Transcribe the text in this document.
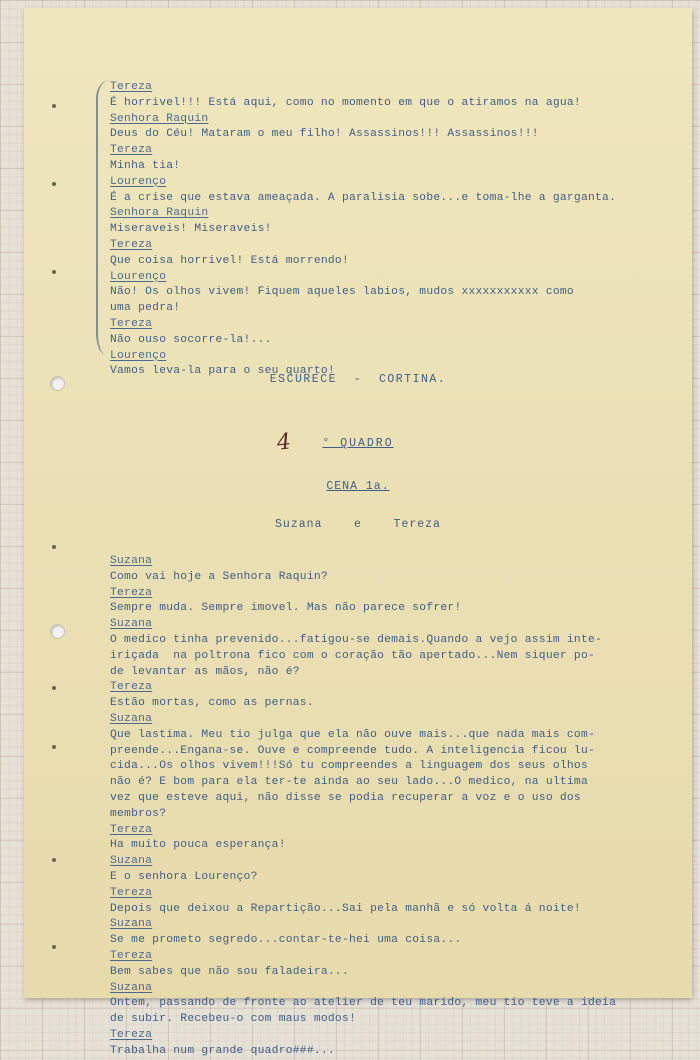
Tereza
É horrivel!!! Está aqui, como no momento em que o atiramos na agua!
Senhora Raquin
Deus do Céu! Mataram o meu filho! Assassinos!!! Assassinos!!!
Tereza
Minha tia!
Lourenço
É a crise que estava ameaçada. A paralisia sobe...e toma-lhe a garganta.
Senhora Raquin
Miseraveis! Miseraveis!
Tereza
Que coisa horrivel! Está morrendo!
Lourenço
Não! Os olhos vivem! Fiquem aqueles labios, mudos xxxxxxxxxxx como
uma pedra!
Tereza
Não ouso socorre-la!...
Lourenço
Vamos leva-la para o seu quarto!
ESCURECE  -  CORTINA.
4	° QUADRO
CENA 1a.
Suzana    e    Tereza
Suzana
Como vai hoje a Senhora Raquin?
Tereza
Sempre muda. Sempre imovel. Mas não parece sofrer!
Suzana
O medico tinha prevenido...fatigou-se demais.Quando a vejo assim inte-
iriçada  na poltrona fico com o coração tão apertado...Nem siquer po-
de levantar as mãos, não é?
Tereza
Estão mortas, como as pernas.
Suzana
Que lastima. Meu tio julga que ela não ouve mais...que nada mais com-
preende...Engana-se. Ouve e compreende tudo. A inteligencia ficou lu-
cida...Os olhos vivem!!!Só tu compreendes a linguagem dos seus olhos
não é? E bom para ela ter-te ainda ao seu lado...O medico, na ultima
vez que esteve aqui, não disse se podia recuperar a voz e o uso dos
membros?
Tereza
Ha muito pouca esperança!
Suzana
E o senhora Lourenço?
Tereza
Depois que deixou a Repartição...Sai pela manhã e só volta á noite!
Suzana
Se me prometo segredo...contar-te-hei uma coisa...
Tereza
Bem sabes que não sou faladeira...
Suzana
Ontem, passando de fronte ao atelier de teu marido, meu tio teve a ideia
de subir. Recebeu-o com maus modos!
Tereza
Trabalha num grande quadro###...
